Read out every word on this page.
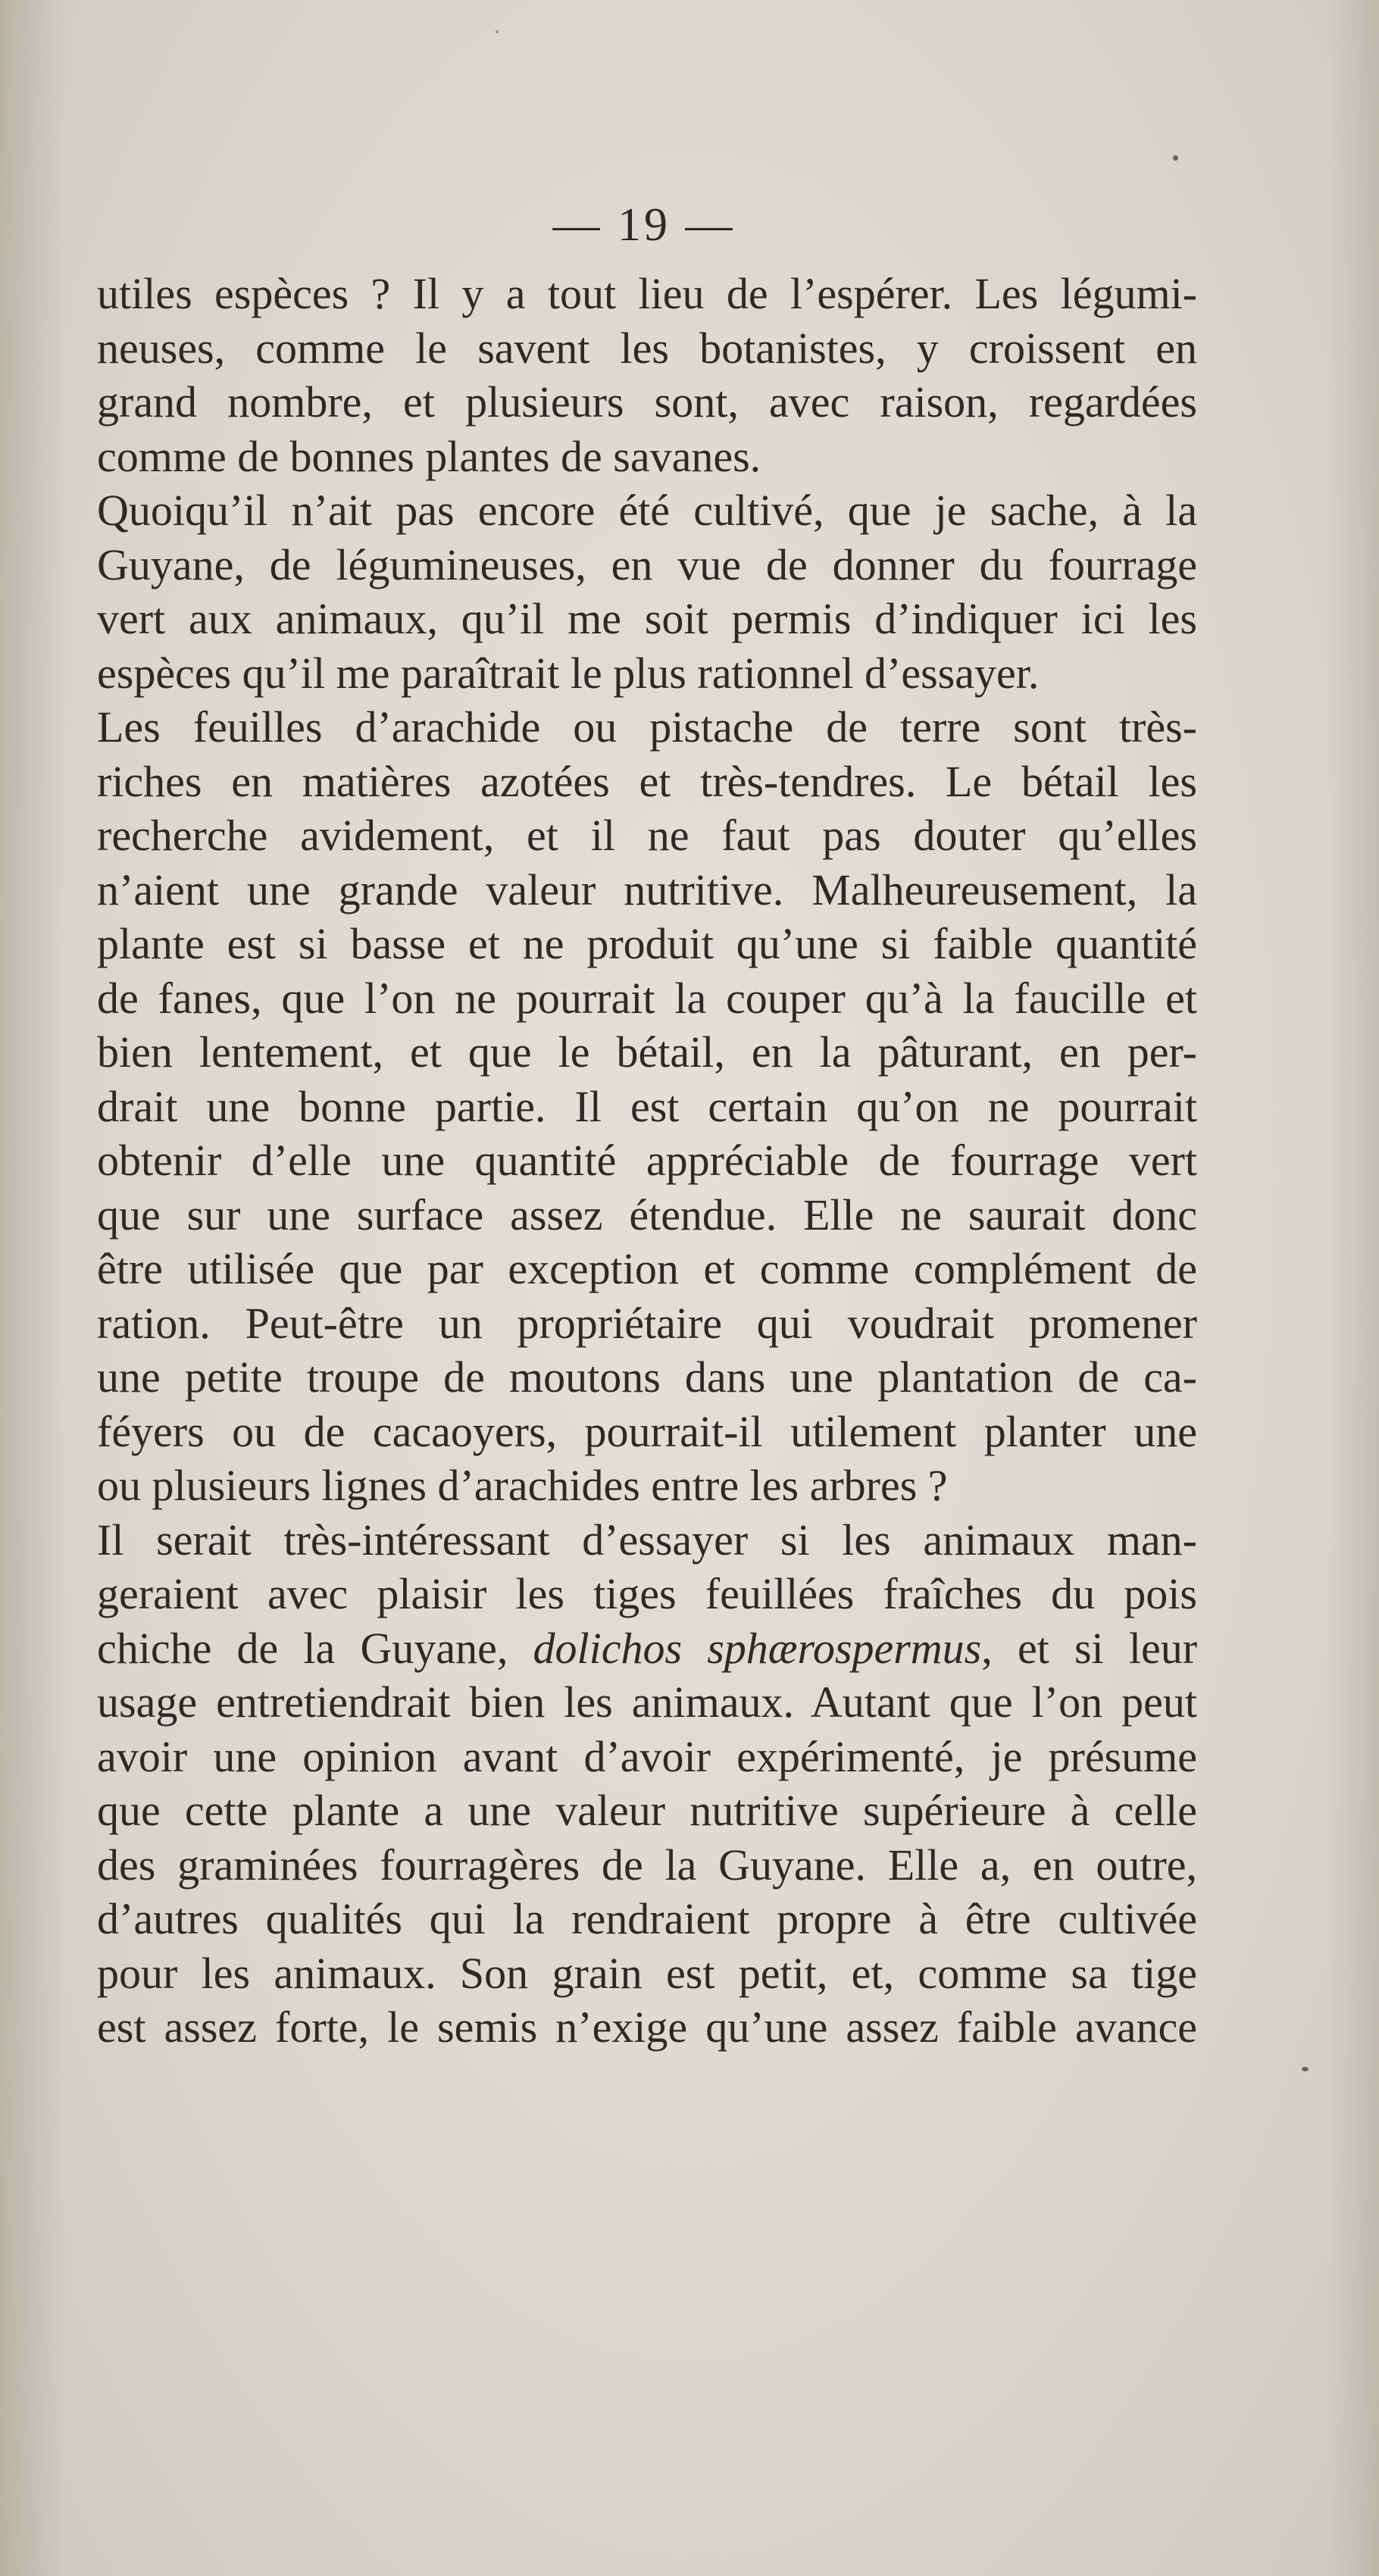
— 19 —

utiles espèces ? Il y a tout lieu de l’espérer. Les légumi-
neuses, comme le savent les botanistes, y croissent en
grand nombre, et plusieurs sont, avec raison, regardées
comme de bonnes plantes de savanes.

Quoiqu’il n’ait pas encore été cultivé, que je sache, à la
Guyane, de légumineuses, en vue de donner du fourrage
vert aux animaux, qu’il me soit permis d’indiquer ici les
espèces qu’il me paraîtrait le plus rationnel d’essayer.

Les feuilles d’arachide ou pistache de terre sont très-
riches en matières azotées et très-tendres. Le bétail les
recherche avidement, et il ne faut pas douter qu’elles
n’aient une grande valeur nutritive. Malheureusement, la
plante est si basse et ne produit qu’une si faible quantité
de fanes, que l’on ne pourrait la couper qu’à la faucille et
bien lentement, et que le bétail, en la pâturant, en per-
drait une bonne partie. Il est certain qu’on ne pourrait
obtenir d’elle une quantité appréciable de fourrage vert
que sur une surface assez étendue. Elle ne saurait donc
être utilisée que par exception et comme complément de
ration. Peut-être un propriétaire qui voudrait promener
une petite troupe de moutons dans une plantation de ca-
féyers ou de cacaoyers, pourrait-il utilement planter une
ou plusieurs lignes d’arachides entre les arbres ?

Il serait très-intéressant d’essayer si les animaux man-
geraient avec plaisir les tiges feuillées fraîches du pois
chiche de la Guyane, dolichos sphærospermus, et si leur
usage entretiendrait bien les animaux. Autant que l’on peut
avoir une opinion avant d’avoir expérimenté, je présume
que cette plante a une valeur nutritive supérieure à celle
des graminées fourragères de la Guyane. Elle a, en outre,
d’autres qualités qui la rendraient propre à être cultivée
pour les animaux. Son grain est petit, et, comme sa tige
est assez forte, le semis n’exige qu’une assez faible avance
